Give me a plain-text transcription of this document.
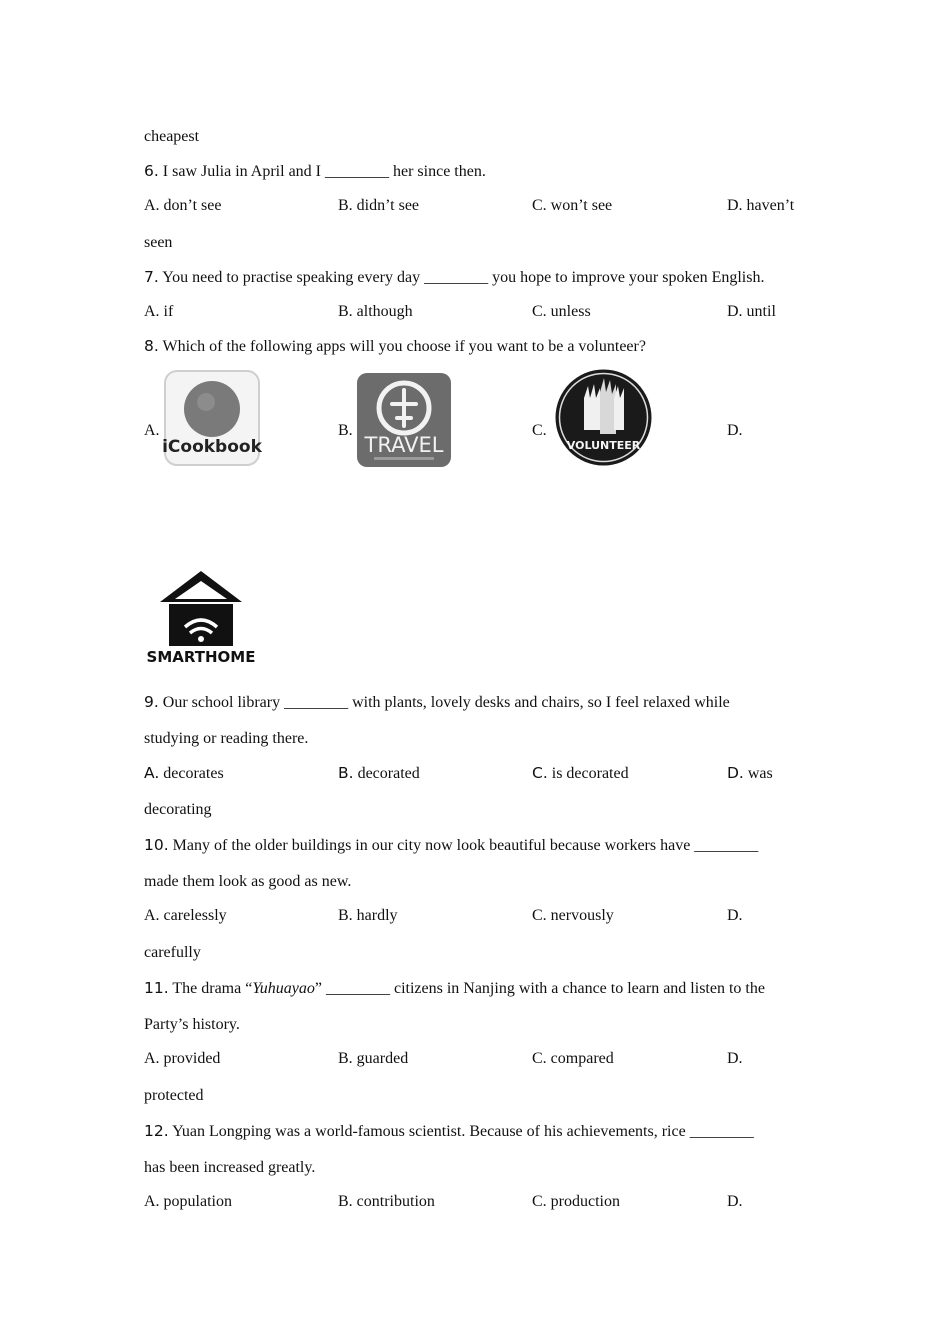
cheapest
6. I saw Julia in April and I ________ her since then.
A. don’t see	B. didn’t see	C. won’t see	D. haven’t
seen
7. You need to practise speaking every day ________ you hope to improve your spoken English.
A. if	B. although	C. unless	D. until
8. Which of the following apps will you choose if you want to be a volunteer?
A.	B.	C.	D.
iCookbook	TRAVEL	VOLUNTEER
SMARTHOME
9. Our school library ________ with plants, lovely desks and chairs, so I feel relaxed while
studying or reading there.
A. decorates	B. decorated	C. is decorated	D. was
decorating
10. Many of the older buildings in our city now look beautiful because workers have ________
made them look as good as new.
A. carelessly	B. hardly	C. nervously	D.
carefully
11. The drama “Yuhuayao” ________ citizens in Nanjing with a chance to learn and listen to the
Party’s history.
A. provided	B. guarded	C. compared	D.
protected
12. Yuan Longping was a world-famous scientist. Because of his achievements, rice ________
has been increased greatly.
A. population	B. contribution	C. production	D.
